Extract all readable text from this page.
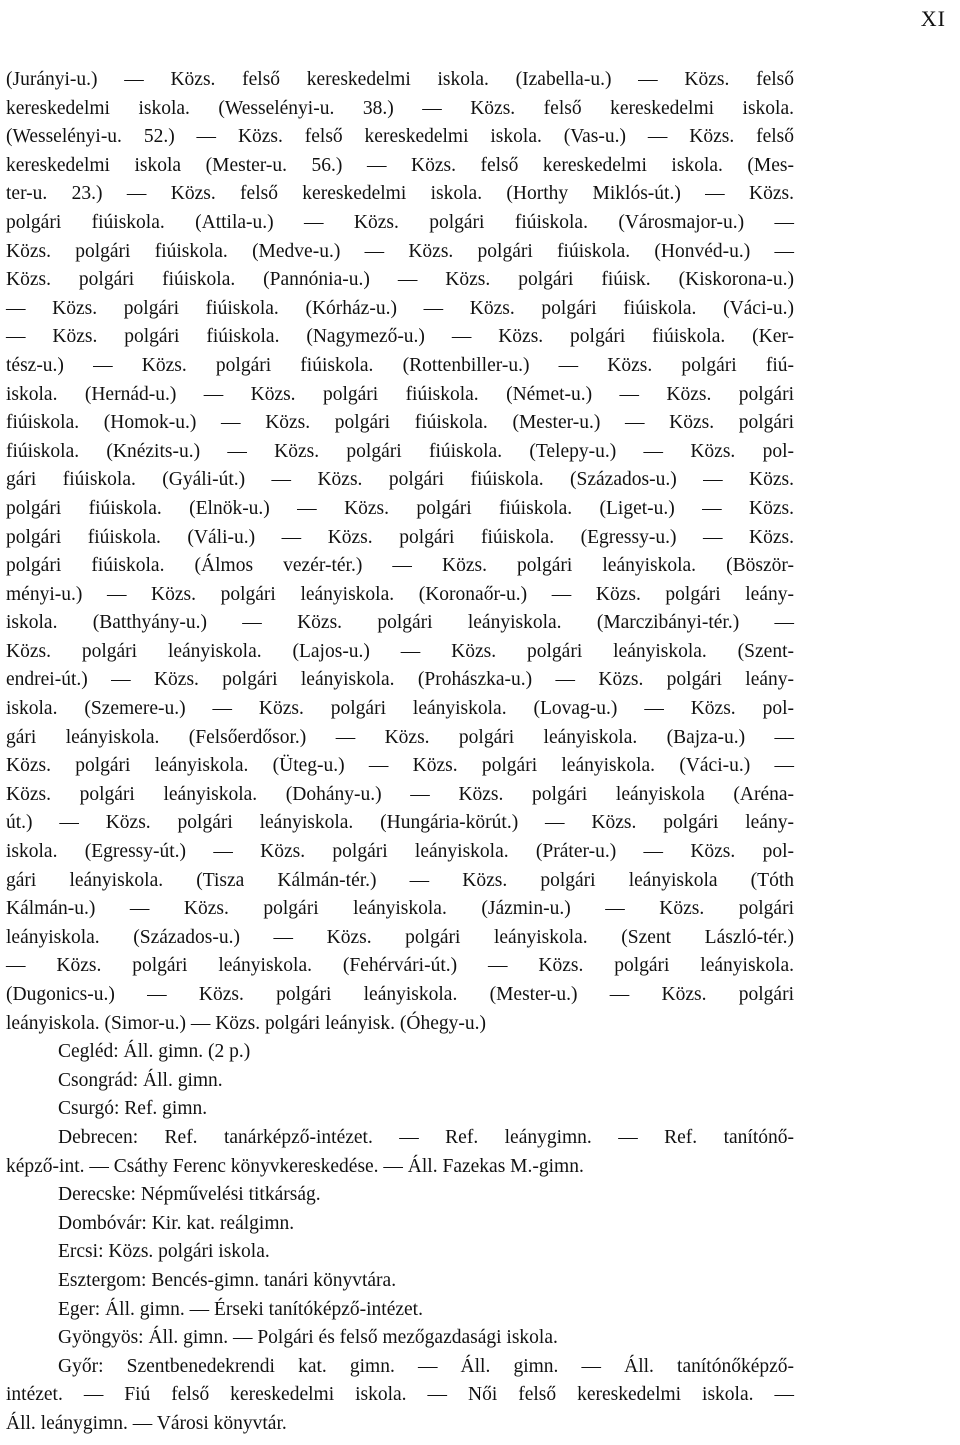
XI
(Jurányi-u.) — Közs. felső kereskedelmi iskola. (Izabella-u.) — Közs. felső
kereskedelmi iskola. (Wesselényi-u. 38.) — Közs. felső kereskedelmi iskola.
(Wesselényi-u. 52.) — Közs. felső kereskedelmi iskola. (Vas-u.) — Közs. felső
kereskedelmi iskola (Mester-u. 56.) — Közs. felső kereskedelmi iskola. (Mes-
ter-u. 23.) — Közs. felső kereskedelmi iskola. (Horthy Miklós-út.) — Közs.
polgári fiúiskola. (Attila-u.) — Közs. polgári fiúiskola. (Városmajor-u.) —
Közs. polgári fiúiskola. (Medve-u.) — Közs. polgári fiúiskola. (Honvéd-u.) —
Közs. polgári fiúiskola. (Pannónia-u.) — Közs. polgári fiúisk. (Kiskorona-u.)
— Közs. polgári fiúiskola. (Kórház-u.) — Közs. polgári fiúiskola. (Váci-u.)
— Közs. polgári fiúiskola. (Nagymező-u.) — Közs. polgári fiúiskola. (Ker-
tész-u.) — Közs. polgári fiúiskola. (Rottenbiller-u.) — Közs. polgári fiú-
iskola. (Hernád-u.) — Közs. polgári fiúiskola. (Német-u.) — Közs. polgári
fiúiskola. (Homok-u.) — Közs. polgári fiúiskola. (Mester-u.) — Közs. polgári
fiúiskola. (Knézits-u.) — Közs. polgári fiúiskola. (Telepy-u.) — Közs. pol-
gári fiúiskola. (Gyáli-út.) — Közs. polgári fiúiskola. (Százados-u.) — Közs.
polgári fiúiskola. (Elnök-u.) — Közs. polgári fiúiskola. (Liget-u.) — Közs.
polgári fiúiskola. (Váli-u.) — Közs. polgári fiúiskola. (Egressy-u.) — Közs.
polgári fiúiskola. (Álmos vezér-tér.) — Közs. polgári leányiskola. (Böször-
ményi-u.) — Közs. polgári leányiskola. (Koronaőr-u.) — Közs. polgári leány-
iskola. (Batthyány-u.) — Közs. polgári leányiskola. (Marczibányi-tér.) —
Közs. polgári leányiskola. (Lajos-u.) — Közs. polgári leányiskola. (Szent-
endrei-út.) — Közs. polgári leányiskola. (Prohászka-u.) — Közs. polgári leány-
iskola. (Szemere-u.) — Közs. polgári leányiskola. (Lovag-u.) — Közs. pol-
gári leányiskola. (Felsőerdősor.) — Közs. polgári leányiskola. (Bajza-u.) —
Közs. polgári leányiskola. (Üteg-u.) — Közs. polgári leányiskola. (Váci-u.) —
Közs. polgári leányiskola. (Dohány-u.) — Közs. polgári leányiskola (Aréna-
út.) — Közs. polgári leányiskola. (Hungária-körút.) — Közs. polgári leány-
iskola. (Egressy-út.) — Közs. polgári leányiskola. (Práter-u.) — Közs. pol-
gári leányiskola. (Tisza Kálmán-tér.) — Közs. polgári leányiskola (Tóth
Kálmán-u.) — Közs. polgári leányiskola. (Jázmin-u.) — Közs. polgári
leányiskola. (Százados-u.) — Közs. polgári leányiskola. (Szent László-tér.)
— Közs. polgári leányiskola. (Fehérvári-út.) — Közs. polgári leányiskola.
(Dugonics-u.) — Közs. polgári leányiskola. (Mester-u.) — Közs. polgári
leányiskola. (Simor-u.) — Közs. polgári leányisk. (Óhegy-u.)
Cegléd: Áll. gimn. (2 p.)
Csongrád: Áll. gimn.
Csurgó: Ref. gimn.
Debrecen: Ref. tanárképző-intézet. — Ref. leánygimn. — Ref. tanítónő-
képző-int. — Csáthy Ferenc könyvkereskedése. — Áll. Fazekas M.-gimn.
Derecske: Népművelési titkárság.
Dombóvár: Kir. kat. reálgimn.
Ercsi: Közs. polgári iskola.
Esztergom: Bencés-gimn. tanári könyvtára.
Eger: Áll. gimn. — Érseki tanítóképző-intézet.
Gyöngyös: Áll. gimn. — Polgári és felső mezőgazdasági iskola.
Győr: Szentbenedekrendi kat. gimn. — Áll. gimn. — Áll. tanítónőképző-
intézet. — Fiú felső kereskedelmi iskola. — Női felső kereskedelmi iskola. —
Áll. leánygimn. — Városi könyvtár.
